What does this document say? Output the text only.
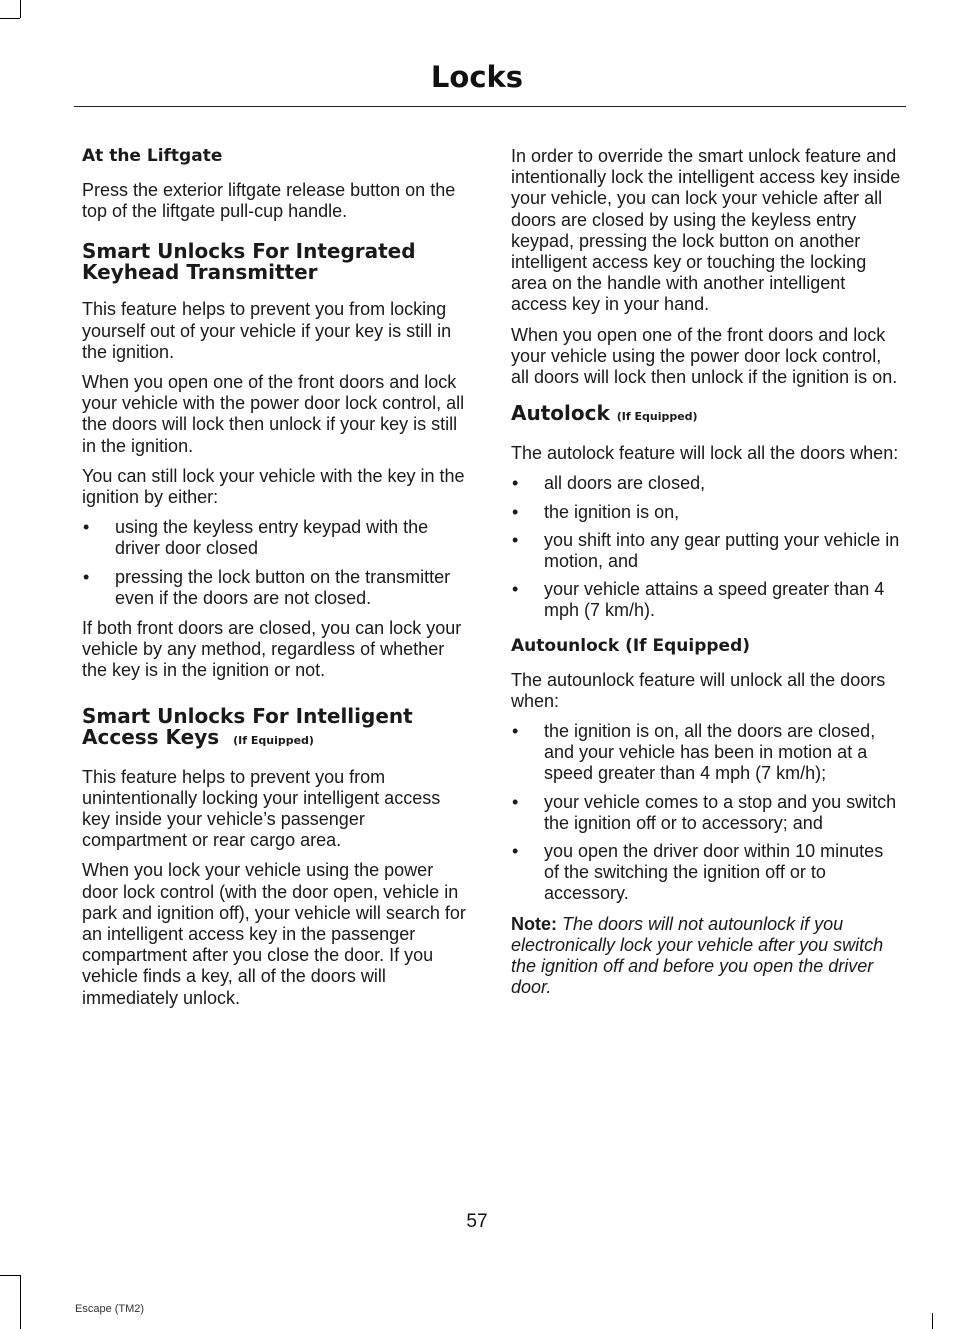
Locks
At the Liftgate

Press the exterior liftgate release button on the top of the liftgate pull-cup handle.

Smart Unlocks For Integrated Keyhead Transmitter

This feature helps to prevent you from locking yourself out of your vehicle if your key is still in the ignition.

When you open one of the front doors and lock your vehicle with the power door lock control, all the doors will lock then unlock if your key is still in the ignition.

You can still lock your vehicle with the key in the ignition by either:

• using the keyless entry keypad with the driver door closed
• pressing the lock button on the transmitter even if the doors are not closed.

If both front doors are closed, you can lock your vehicle by any method, regardless of whether the key is in the ignition or not.

Smart Unlocks For Intelligent Access Keys (If Equipped)

This feature helps to prevent you from unintentionally locking your intelligent access key inside your vehicle’s passenger compartment or rear cargo area.

When you lock your vehicle using the power door lock control (with the door open, vehicle in park and ignition off), your vehicle will search for an intelligent access key in the passenger compartment after you close the door. If you vehicle finds a key, all of the doors will immediately unlock.

In order to override the smart unlock feature and intentionally lock the intelligent access key inside your vehicle, you can lock your vehicle after all doors are closed by using the keyless entry keypad, pressing the lock button on another intelligent access key or touching the locking area on the handle with another intelligent access key in your hand.

When you open one of the front doors and lock your vehicle using the power door lock control, all doors will lock then unlock if the ignition is on.

Autolock (If Equipped)

The autolock feature will lock all the doors when:

• all doors are closed,
• the ignition is on,
• you shift into any gear putting your vehicle in motion, and
• your vehicle attains a speed greater than 4 mph (7 km/h).
Autounlock (If Equipped)

The autounlock feature will unlock all the doors when:

• the ignition is on, all the doors are closed, and your vehicle has been in motion at a speed greater than 4 mph (7 km/h);
• your vehicle comes to a stop and you switch the ignition off or to accessory; and
• you open the driver door within 10 minutes of the switching the ignition off or to accessory.

Note: The doors will not autounlock if you electronically lock your vehicle after you switch the ignition off and before you open the driver door.

57
Escape (TM2)
